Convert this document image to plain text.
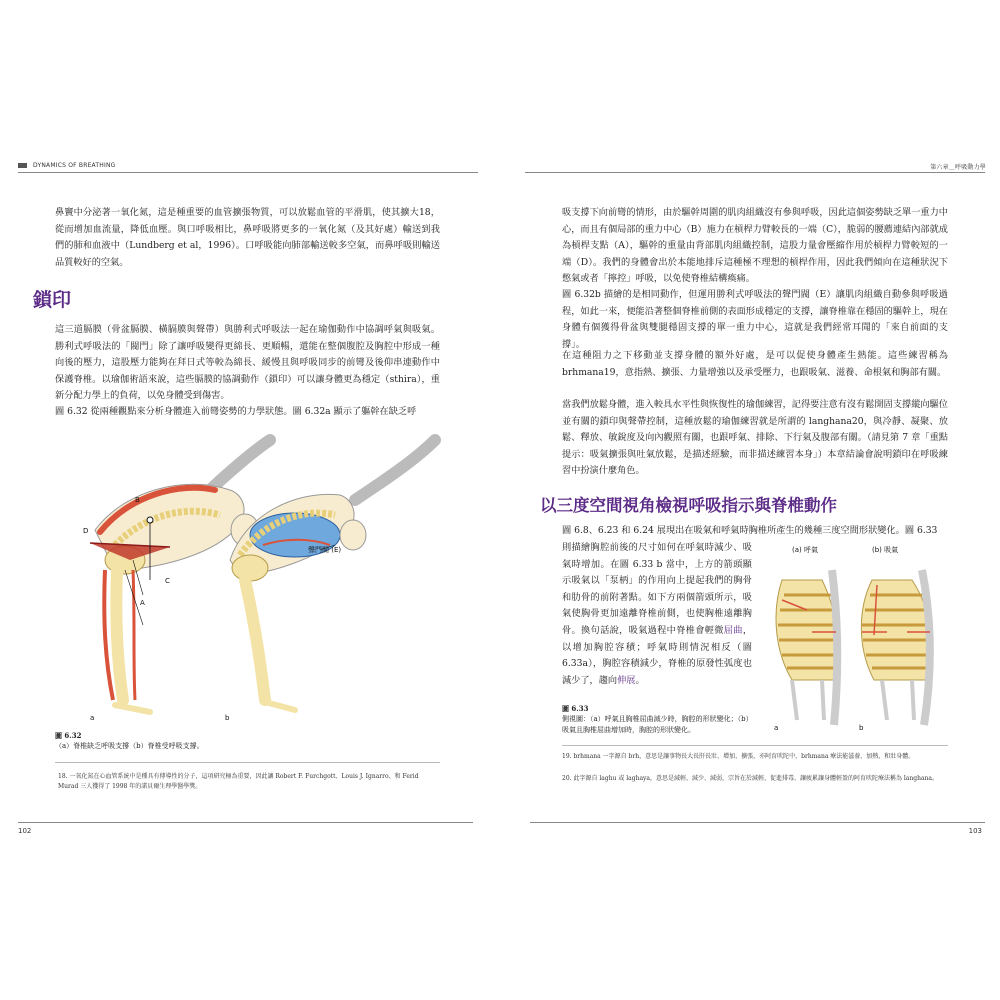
DYNAMICS OF BREATHING

鼻竇中分泌著一氧化氮，這是種重要的血管擴張物質，可以放鬆血管的平滑肌，使其擴大18，從而增加血流量，降低血壓。與口呼吸相比，鼻呼吸將更多的一氧化氮（及其好處）輸送到我們的肺和血液中（Lundberg et al，1996）。口呼吸能向肺部輸送較多空氣，而鼻呼吸則輸送品質較好的空氣。

鎖印

這三道膈膜（骨盆膈膜、橫膈膜與聲帶）與勝利式呼吸法一起在瑜伽動作中協調呼氣與吸氣。勝利式呼吸法的「閥門」除了讓呼吸變得更綿長、更順暢，還能在整個腹腔及胸腔中形成一種向後的壓力，這股壓力能夠在拜日式等較為綿長、緩慢且與呼吸同步的前彎及後仰串連動作中保護脊椎。以瑜伽術語來說，這些膈膜的協調動作（鎖印）可以讓身體更為穩定（sthira），重新分配力學上的負荷，以免身體受到傷害。

圖 6.32 從兩種觀點來分析身體進入前彎姿勢的力學狀態。圖 6.32a 顯示了軀幹在缺乏呼

B
D
C
A
聲門閥 (E)
a	b

圖 6.32
（a）脊椎缺乏呼吸支撐（b）脊椎受呼吸支撐。

18. 一氧化氮在心血管系統中是種具有傳導性的分子，這項研究極為重要，因此讓 Robert F. Furchgott、Louis J. Ignarro、和 Ferid Murad 三人獲得了 1998 年的諾貝爾生理學醫學獎。

102
第六章＿呼吸動力學

吸支撐下向前彎的情形，由於驅幹周圍的肌肉組織沒有參與呼吸，因此這個姿勢缺乏單一重力中心，而且有個局部的重力中心（B）施力在槓桿力臂較長的一端（C），脆弱的腰薦連結內部就成為槓桿支點（A），驅幹的重量由背部肌肉組織控制，這股力量會壓縮作用於槓桿力臂較短的一端（D）。我們的身體會出於本能地排斥這種極不理想的槓桿作用，因此我們傾向在這種狀況下憋氣或者「擰控」呼吸，以免使脊椎結構瘓痛。

圖 6.32b 描繪的是相同動作，但運用勝利式呼吸法的聲門閥（E）讓肌肉組織自動參與呼吸過程，如此一來，便能沿著整個脊椎前側的表面形成穩定的支撐，讓脊椎靠在穩固的驅幹上，現在身體有個獲得骨盆與雙腿穩固支撐的單一重力中心，這就是我們經常耳聞的「來自前面的支撐」。

在這種阻力之下移動並支撐身體的額外好處，是可以促使身體產生熱能。這些練習稱為 brhmana19，意指熱、擴張、力量增強以及承受壓力，也跟吸氣、滋養、命根氣和胸部有關。

當我們放鬆身體，進入較具水平性與恢復性的瑜伽練習，記得要注意有沒有鬆開固支撐縱向驅位並有關的鎖印與聲帶控制，這種放鬆的瑜伽練習就是所謂的 langhana20，與冷靜、凝聚、放鬆、釋放、敏銳度及向內觀照有關，也跟呼氣、排除、下行氣及腹部有關。（請見第 7 章「重點提示：吸氣擴張與吐氣放鬆，是描述經驗，而非描述練習本身」）本章結論會說明鎖印在呼吸練習中扮演什麼角色。

以三度空間視角檢視呼吸指示與脊椎動作

圖 6.8、6.23 和 6.24 展現出在吸氣和呼氣時胸椎所產生的幾種三度空間形狀變化。圖 6.33

則描繪胸腔前後的尺寸如何在呼氣時減少、吸氣時增加。在圖 6.33 b 當中，上方的箭頭顯示吸氣以「泵柄」的作用向上提起我們的胸骨和肋骨的前附著點。如下方兩個箭頭所示，吸氣使胸骨更加遠離脊椎前側，也使胸椎遠離胸骨。換句話說，吸氣過程中脊椎會輕微屈曲，以增加胸腔容積；呼氣時則情況相反（圖 6.33a），胸腔容積減少，脊椎的原發性弧度也減少了，趨向伸展。

(a) 呼氣	(b) 吸氣
a	b

圖 6.33
側視圖：（a）呼氣且胸椎屈曲減少時，胸腔的形狀變化；（b）吸氣且胸椎屈曲增加時，胸腔的形狀變化。

19. brhmana 一字源自 brh，意思是讓事物長大長肝長壯、增加、擴張，亦阿育吠陀中，brhmana 療法能滋養、加熱、和壯身體。

20. 此字源自 laghu 或 laghaya，意思是減輕、減少、減弱，宗旨在於減輕、促進排毒、讓疲累讓身體輕盈的阿育吠陀療法稱為 langhana。

103
